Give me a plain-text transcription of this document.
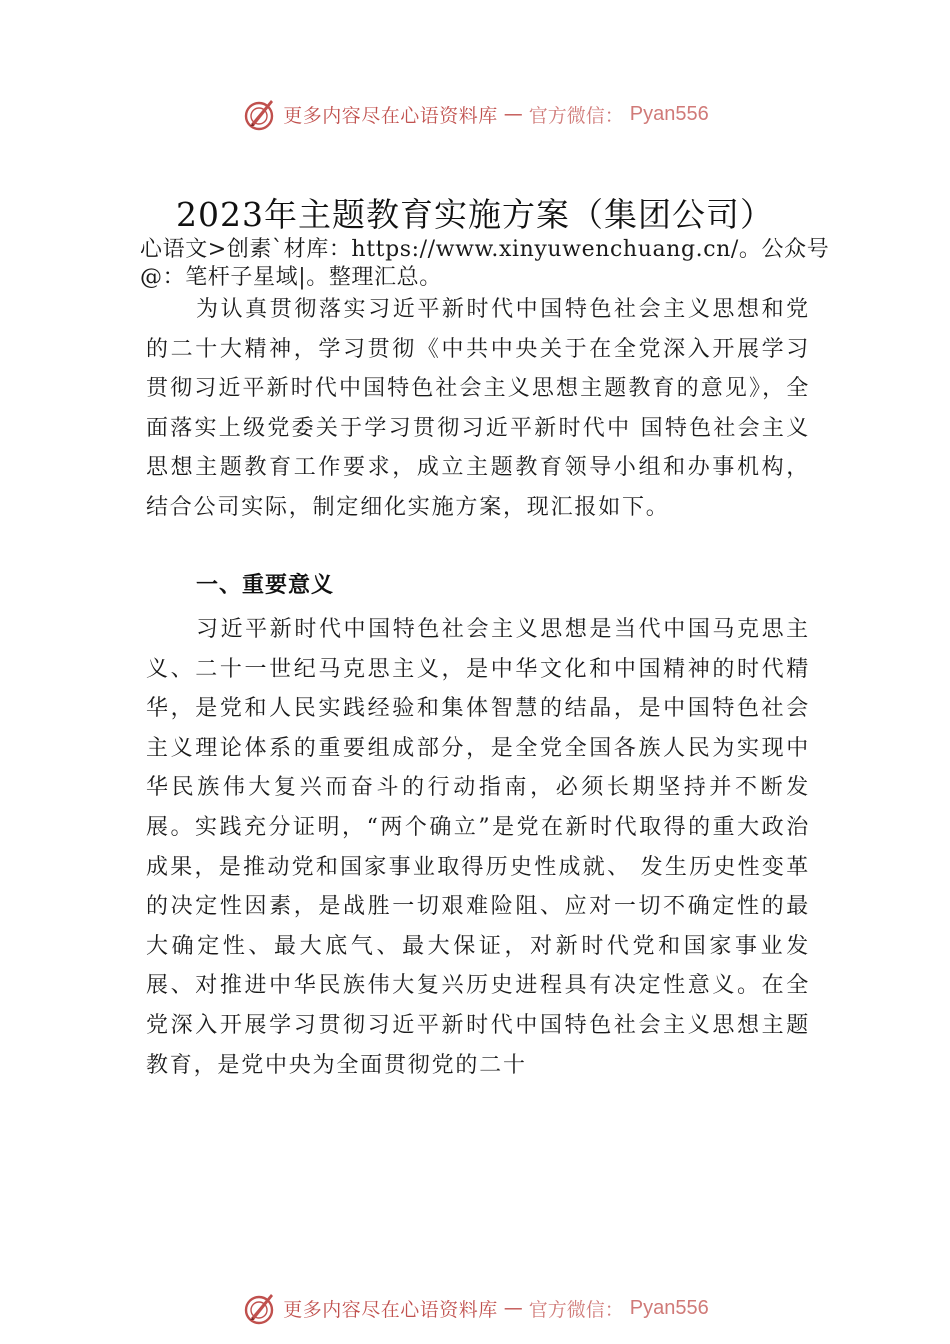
更多内容尽在心语资料库 — 官方微信： Pyan556
2023年主题教育实施方案（集团公司）
心语文>创素`材库：https://www.xinyuwenchuang.cn/。公众号@：笔杆子星域|。整理汇总。
为认真贯彻落实习近平新时代中国特色社会主义思想和党的二十大精神，学习贯彻《中共中央关于在全党深入开展学习贯彻习近平新时代中国特色社会主义思想主题教育的意见》，全面落实上级党委关于学习贯彻习近平新时代中 国特色社会主义思想主题教育工作要求，成立主题教育领导小组和办事机构，结合公司实际，制定细化实施方案，现汇报如下。
一、重要意义
习近平新时代中国特色社会主义思想是当代中国马克思主义、二十一世纪马克思主义，是中华文化和中国精神的时代精华，是党和人民实践经验和集体智慧的结晶，是中国特色社会主义理论体系的重要组成部分，是全党全国各族人民为实现中华民族伟大复兴而奋斗的行动指南，必须长期坚持并不断发展。实践充分证明，“两个确立”是党在新时代取得的重大政治成果，是推动党和国家事业取得历史性成就、 发生历史性变革的决定性因素，是战胜一切艰难险阻、应对一切不确定性的最大确定性、最大底气、最大保证，对新时代党和国家事业发展、对推进中华民族伟大复兴历史进程具有决定性意义。在全党深入开展学习贯彻习近平新时代中国特色社会主义思想主题教育，是党中央为全面贯彻党的二十
更多内容尽在心语资料库 — 官方微信： Pyan556
